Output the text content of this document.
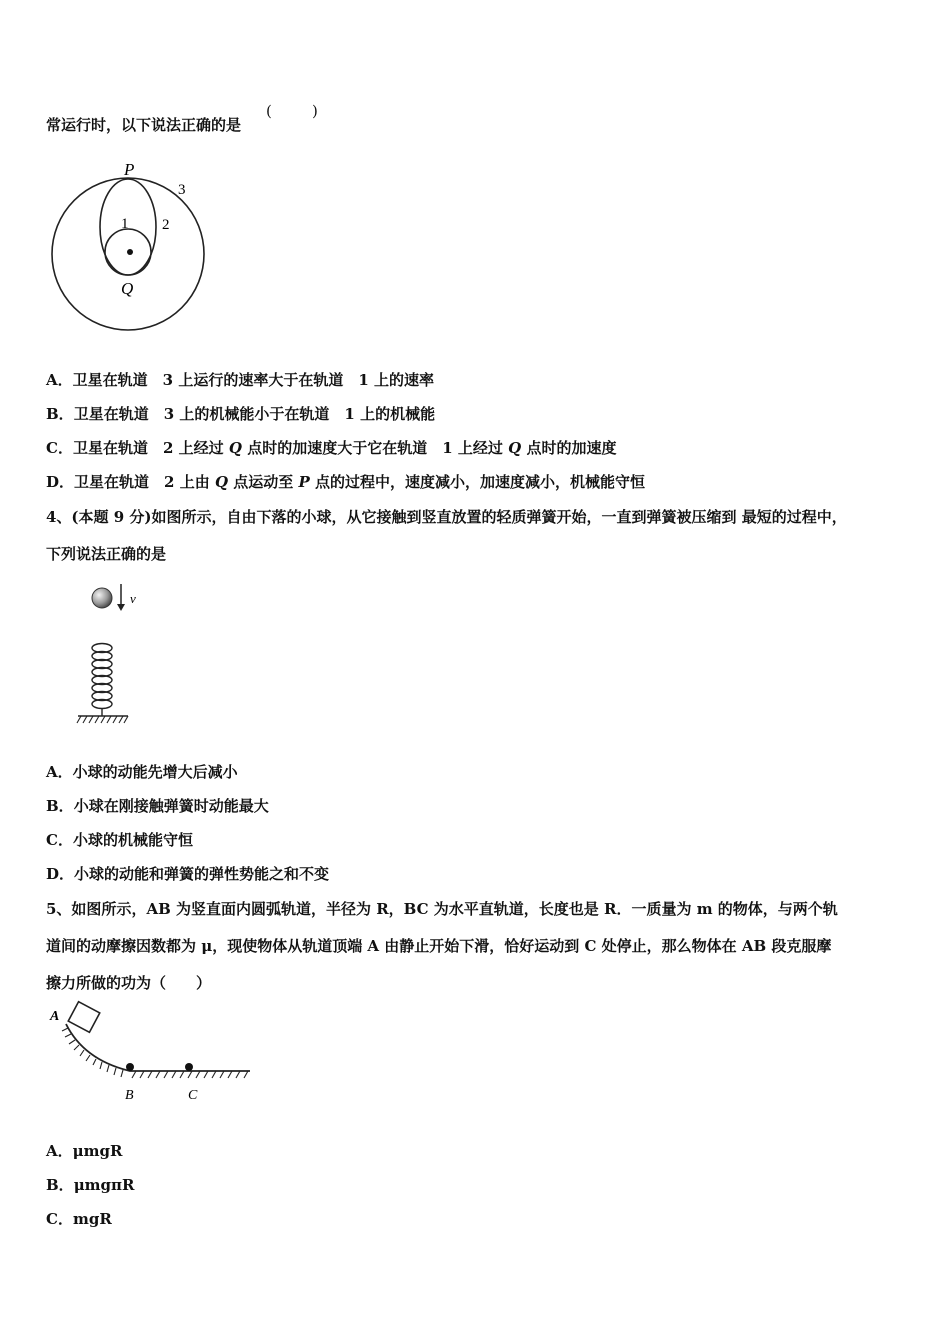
常运行时，以下说法正确的是
(	)
P
Q
1 2
3
A．卫星在轨道　 3 上运行的速率大于在轨道　 1 上的速率
B．卫星在轨道　 3 上的机械能小于在轨道　 1 上的机械能
C．卫星在轨道　 2 上经过 Q 点时的加速度大于它在轨道　 1 上经过 Q 点时的加速度
D．卫星在轨道　 2 上由 Q 点运动至 P 点的过程中，速度减小，加速度减小，机械能守恒
4、(本题 9 分)如图所示，自由下落的小球，从它接触到竖直放置的轻质弹簧开始，一直到弹簧被压缩到 最短的过程中，
下列说法正确的是
v
A．小球的动能先增大后减小
B．小球在刚接触弹簧时动能最大
C．小球的机械能守恒
D．小球的动能和弹簧的弹性势能之和不变
5、如图所示，AB 为竖直面内圆弧轨道，半径为 R，BC 为水平直轨道，长度也是 R．一质量为 m 的物体，与两个轨
道间的动摩擦因数都为 μ，现使物体从轨道顶端 A 由静止开始下滑，恰好运动到 C 处停止，那么物体在 AB 段克服摩
擦力所做的功为（　　）
A
B	C
A．μmgR
B．μmgπR
C．mgR
